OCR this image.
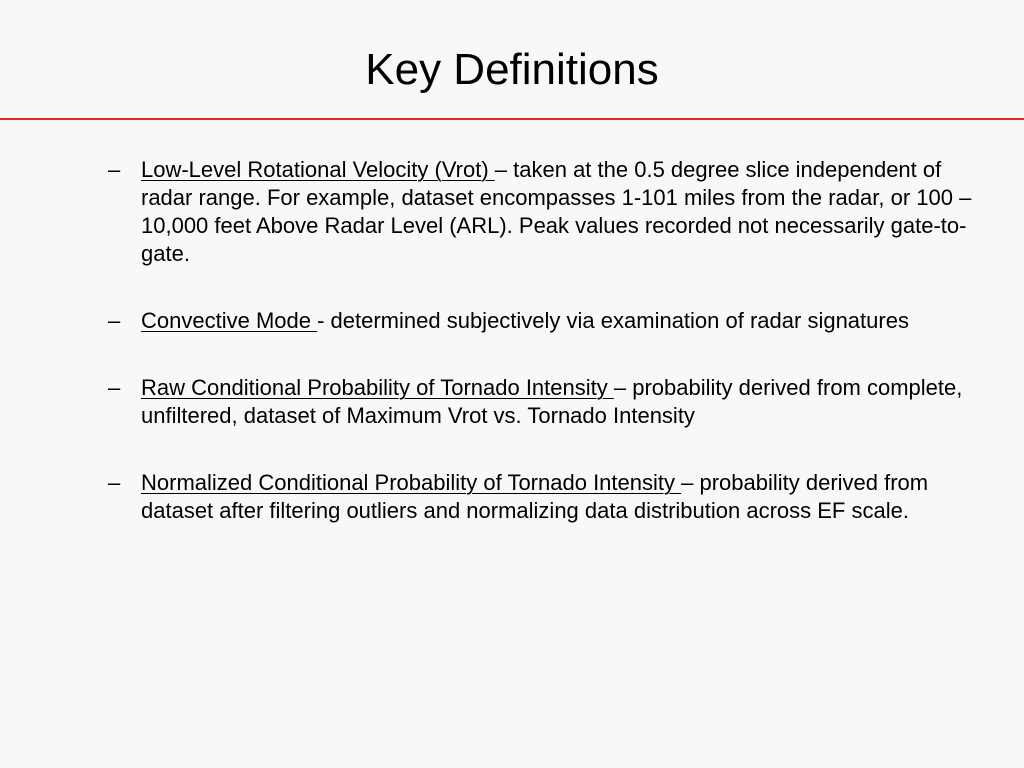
Key Definitions
– Low-Level Rotational Velocity (Vrot) – taken at the 0.5 degree slice independent of radar range. For example, dataset encompasses 1-101 miles from the radar, or 100 – 10,000 feet Above Radar Level (ARL). Peak values recorded not necessarily gate-to-gate.
– Convective Mode - determined subjectively via examination of radar signatures
– Raw Conditional Probability of Tornado Intensity – probability derived from complete, unfiltered, dataset of Maximum Vrot vs. Tornado Intensity
– Normalized Conditional Probability of Tornado Intensity – probability derived from dataset after filtering outliers and normalizing data distribution across EF scale.
